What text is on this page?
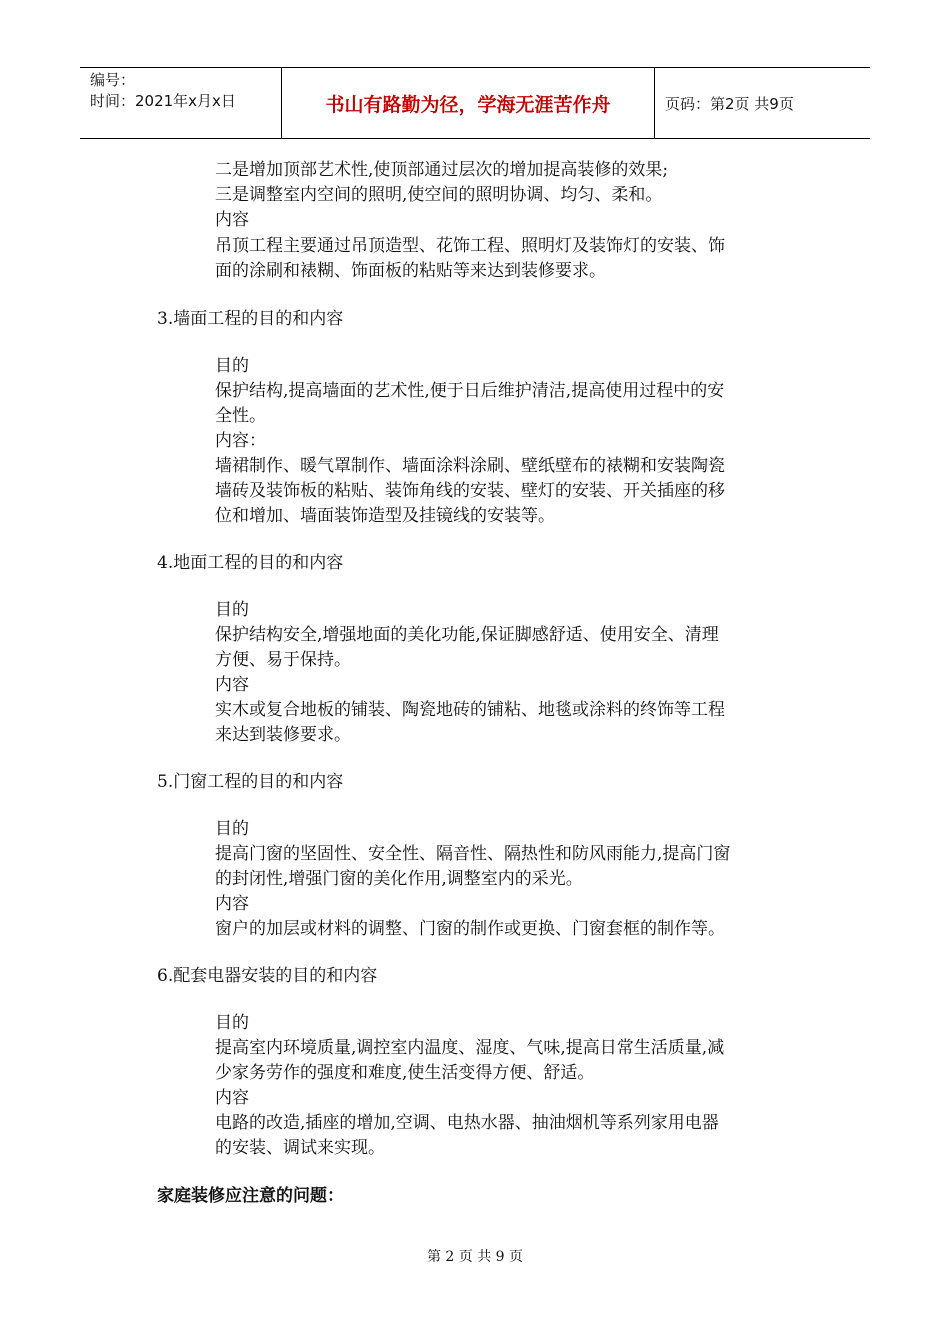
编号：
时间：2021年x月x日	书山有路勤为径，学海无涯苦作舟	页码：第2页 共9页
二是增加顶部艺术性,使顶部通过层次的增加提高装修的效果;
三是调整室内空间的照明,使空间的照明协调、均匀、柔和。
内容
吊顶工程主要通过吊顶造型、花饰工程、照明灯及装饰灯的安装、饰
面的涂刷和裱糊、饰面板的粘贴等来达到装修要求。
3.墙面工程的目的和内容
目的
保护结构,提高墙面的艺术性,便于日后维护清洁,提高使用过程中的安
全性。
内容：
墙裙制作、暖气罩制作、墙面涂料涂刷、壁纸壁布的裱糊和安装陶瓷
墙砖及装饰板的粘贴、装饰角线的安装、壁灯的安装、开关插座的移
位和增加、墙面装饰造型及挂镜线的安装等。
4.地面工程的目的和内容
目的
保护结构安全,增强地面的美化功能,保证脚感舒适、使用安全、清理
方便、易于保持。
内容
实木或复合地板的铺装、陶瓷地砖的铺粘、地毯或涂料的终饰等工程
来达到装修要求。
5.门窗工程的目的和内容
目的
提高门窗的坚固性、安全性、隔音性、隔热性和防风雨能力,提高门窗
的封闭性,增强门窗的美化作用,调整室内的采光。
内容
窗户的加层或材料的调整、门窗的制作或更换、门窗套框的制作等。
6.配套电器安装的目的和内容
目的
提高室内环境质量,调控室内温度、湿度、气味,提高日常生活质量,减
少家务劳作的强度和难度,使生活变得方便、舒适。
内容
电路的改造,插座的增加,空调、电热水器、抽油烟机等系列家用电器
的安装、调试来实现。
家庭装修应注意的问题：
第 2 页 共 9 页
